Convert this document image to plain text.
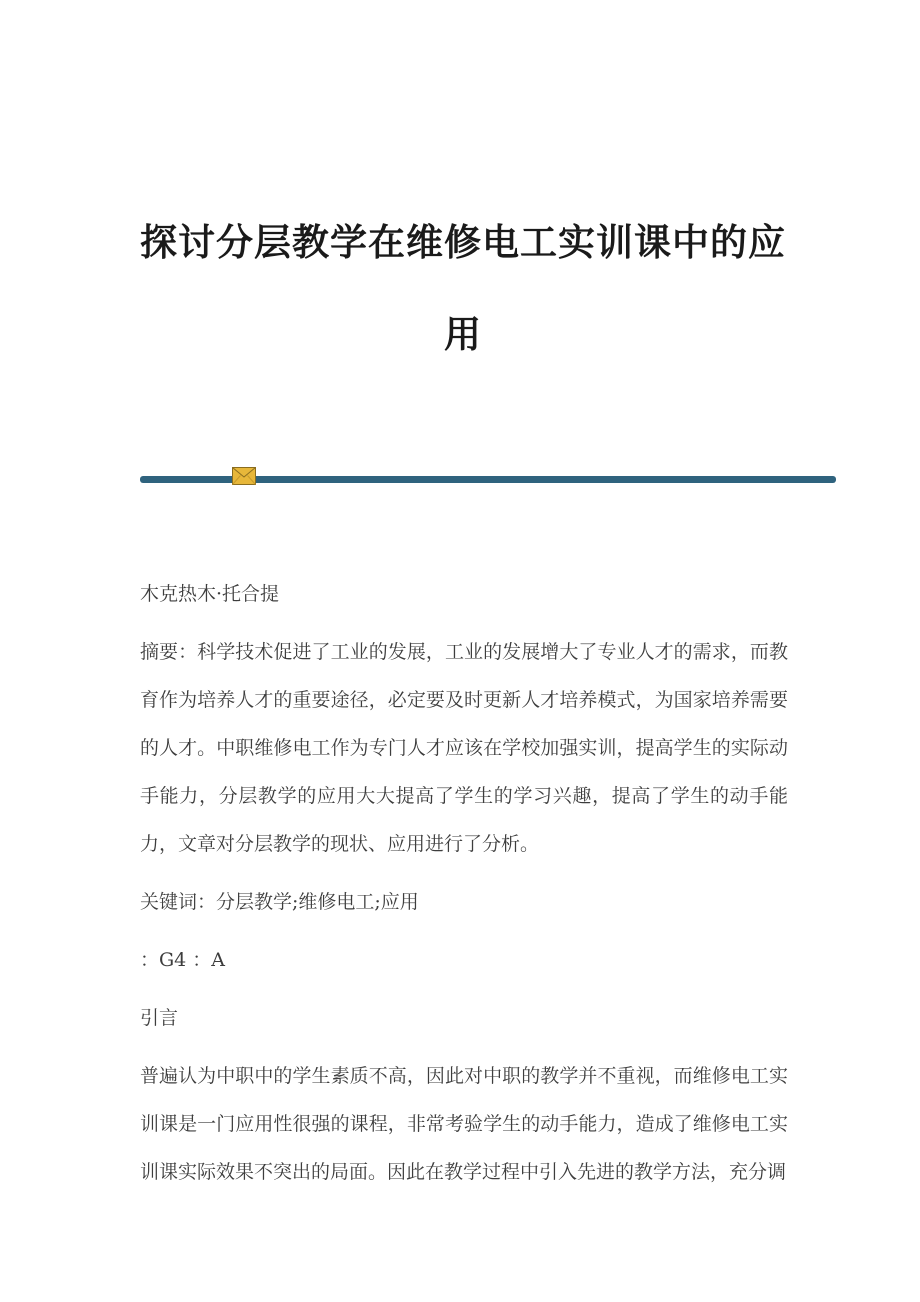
探讨分层教学在维修电工实训课中的应用

木克热木·托合提

摘要：科学技术促进了工业的发展，工业的发展增大了专业人才的需求，而教育作为培养人才的重要途径，必定要及时更新人才培养模式，为国家培养需要的人才。中职维修电工作为专门人才应该在学校加强实训，提高学生的实际动手能力，分层教学的应用大大提高了学生的学习兴趣，提高了学生的动手能力，文章对分层教学的现状、应用进行了分析。

关键词：分层教学;维修电工;应用

：G4 ：A

引言

普遍认为中职中的学生素质不高，因此对中职的教学并不重视，而维修电工实训课是一门应用性很强的课程，非常考验学生的动手能力，造成了维修电工实训课实际效果不突出的局面。因此在教学过程中引入先进的教学方法，充分调
